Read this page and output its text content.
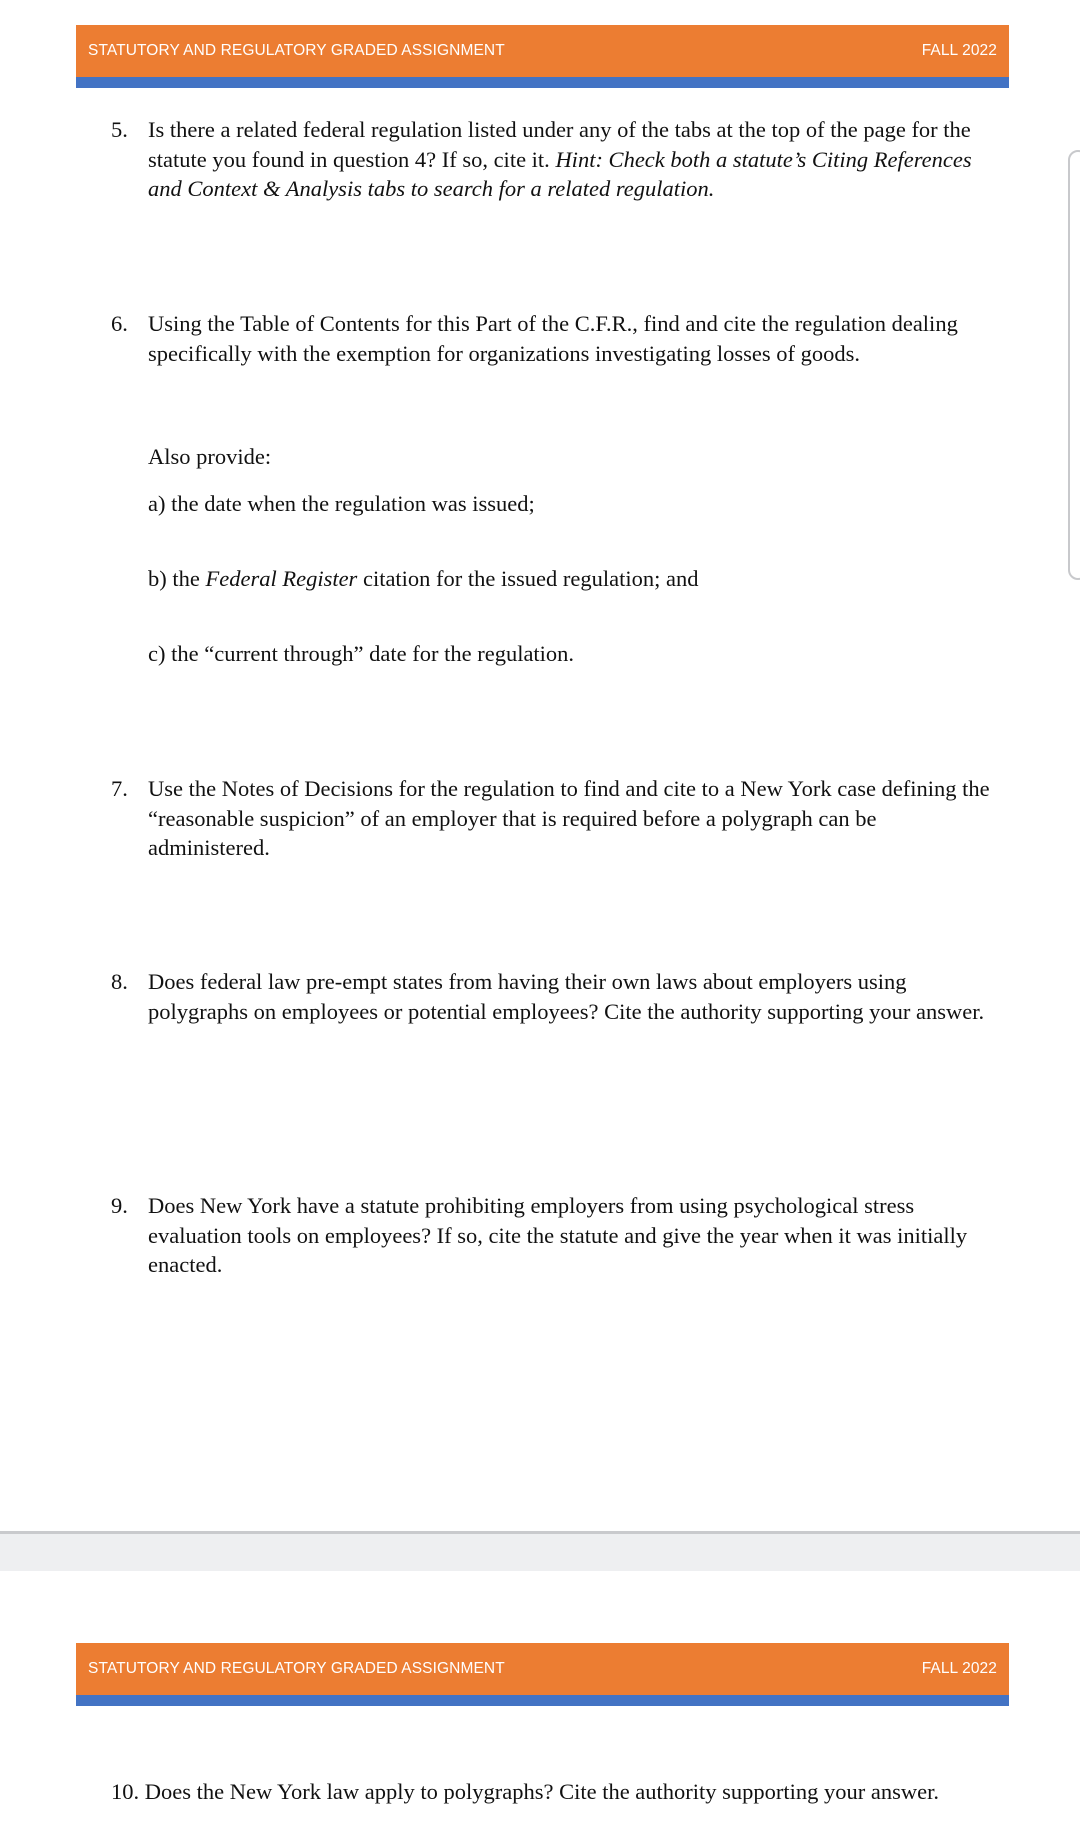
STATUTORY AND REGULATORY GRADED ASSIGNMENT	FALL 2022
5. Is there a related federal regulation listed under any of the tabs at the top of the page for the statute you found in question 4? If so, cite it. Hint: Check both a statute’s Citing References and Context & Analysis tabs to search for a related regulation.
6. Using the Table of Contents for this Part of the C.F.R., find and cite the regulation dealing specifically with the exemption for organizations investigating losses of goods.
Also provide:
a) the date when the regulation was issued;
b) the Federal Register citation for the issued regulation; and
c) the “current through” date for the regulation.
7. Use the Notes of Decisions for the regulation to find and cite to a New York case defining the “reasonable suspicion” of an employer that is required before a polygraph can be administered.
8. Does federal law pre-empt states from having their own laws about employers using polygraphs on employees or potential employees? Cite the authority supporting your answer.
9. Does New York have a statute prohibiting employers from using psychological stress evaluation tools on employees? If so, cite the statute and give the year when it was initially enacted.
STATUTORY AND REGULATORY GRADED ASSIGNMENT	FALL 2022
10. Does the New York law apply to polygraphs? Cite the authority supporting your answer.
